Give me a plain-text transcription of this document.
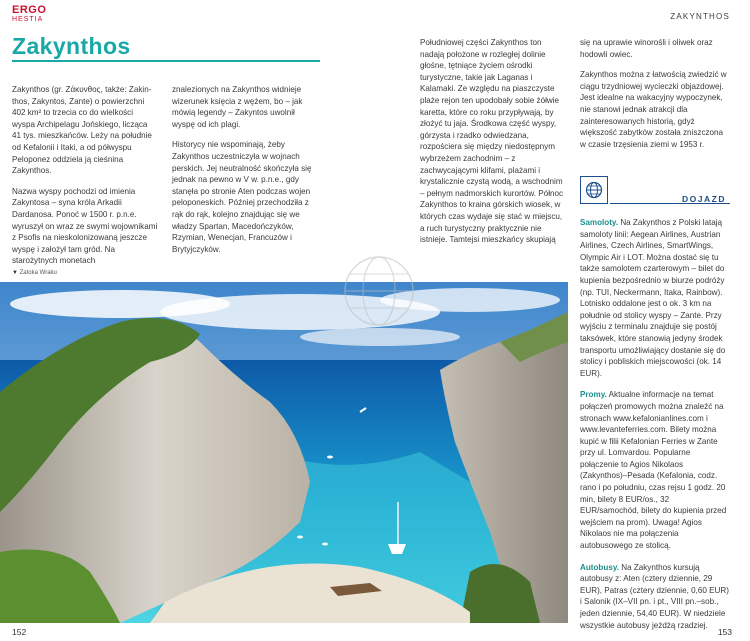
ERGO
HESTIA	ZAKYNTHOS
Zakynthos

Zakynthos (gr. Ζάκυνθος, także: Zakin-thos, Zakyntos, Zante) o powierzchni 402 km² to trzecia co do wielkości wyspa Archipelagu Jońskiego, licząca 41 tys. mieszkańców. Leży na południe od Kefalonii i Itaki, a od półwyspu Peloponez oddziela ją cieśnina Zakynthos.

Nazwa wyspy pochodzi od imienia Zakyntosa – syna króla Arkadii Dardanosa. Ponoć w 1500 r. p.n.e. wyruszył on wraz ze swymi wojownikami z Psofis na nieskolonizowaną jeszcze wyspę i założył tam gród. Na starożytnych monetach

znalezionych na Zakynthos widnieje wizerunek księcia z wężem, bo – jak mówią legendy – Zakyntos uwolnił wyspę od ich plagi.

Historycy nie wspominają, żeby Zakynthos uczestniczyła w wojnach perskich. Jej neutralność skończyła się jednak na pewno w V w. p.n.e., gdy stanęła po stronie Aten podczas wojen peloponeskich. Później przechodziła z rąk do rąk, kolejno znajdując się we władzy Spartan, Macedończyków, Rzymian, Wenecjan, Francuzów i Brytyjczyków.

Południowej części Zakynthos ton nadają położone w rozległej dolinie głośne, tętniące życiem ośrodki turystyczne, takie jak Laganas i Kalamaki. Ze względu na piaszczyste plaże rejon ten upodobały sobie żółwie karetta, które co roku przypływają, by złożyć tu jaja. Środkowa część wyspy, górzysta i rzadko odwiedzana, rozpościera się między niedostępnym wybrzeżem zachodnim – z zachwycającymi klifami, plażami i krystalicznie czystą wodą, a wschodnim – pełnym nadmorskich kurortów. Północ Zakynthos to kraina górskich wiosek, w których czas wydaje się stać w miejscu, a ruch turystyczny praktycznie nie istnieje. Tamtejsi mieszkańcy skupiają

się na uprawie winorośli i oliwek oraz hodowli owiec.

Zakynthos można z łatwością zwiedzić w ciągu trzydniowej wycieczki objazdowej. Jest idealne na wakacyjny wypoczynek, nie stanowi jednak atrakcji dla zainteresowanych historią, gdyż większość zabytków została zniszczona w czasie trzęsienia ziemi w 1953 r.

DOJAZD

Samoloty. Na Zakynthos z Polski latają samoloty linii: Aegean Airlines, Austrian Airlines, Czech Airlines, SmartWings, Olympic Air i LOT. Można dostać się tu także samolotem czarterowym – bilet do kupienia bezpośrednio w biurze podróży (np. TUI, Neckermann, Itaka, Rainbow). Lotnisko oddalone jest o ok. 3 km na południe od stolicy wyspy – Zante. Przy wyjściu z terminalu znajduje się postój taksówek, które stanowią jedyny środek transportu umożliwiający dostanie się do stolicy i pobliskich miejscowości (ok. 14 EUR).

Promy. Aktualne informacje na temat połączeń promowych można znaleźć na stronach www.kefalonianlines.com i www.levanteferries.com. Bilety można kupić w filii Kefalonian Ferries w Zante przy ul. Lomvardou. Popularne połączenie to Agios Nikolaos (Zakynthos)–Pesada (Kefalonia, codz. rano i po południu, czas rejsu 1 godz. 20 min, bilety 8 EUR/os., 32 EUR/samochód, bilety do kupienia przed wejściem na prom). Uwaga! Agios Nikolaos nie ma połączenia autobusowego ze stolicą.

Autobusy. Na Zakynthos kursują autobusy z: Aten (cztery dziennie, 29 EUR), Patras (cztery dziennie, 0,60 EUR) i Salonik (IX–VII pn. i pt., VIII pn.–sob., jeden dziennie, 54,40 EUR). W niedziele wszystkie autobusy jeżdżą rzadziej.

▼ Zatoka Wraku
152	153
